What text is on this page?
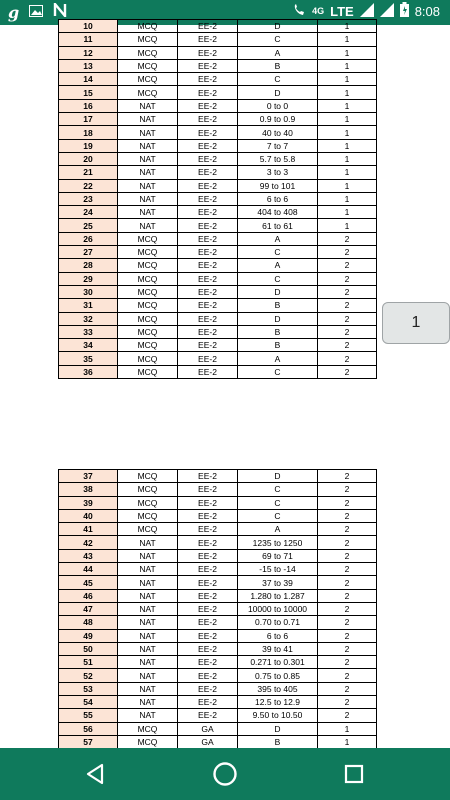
g	4G LTE	8:08
10	MCQ	EE-2	D	1
11	MCQ	EE-2	C	1
12	MCQ	EE-2	A	1
13	MCQ	EE-2	B	1
14	MCQ	EE-2	C	1
15	MCQ	EE-2	D	1
16	NAT	EE-2	0 to 0	1
17	NAT	EE-2	0.9 to 0.9	1
18	NAT	EE-2	40 to 40	1
19	NAT	EE-2	7 to 7	1
20	NAT	EE-2	5.7 to 5.8	1
21	NAT	EE-2	3 to 3	1
22	NAT	EE-2	99 to 101	1
23	NAT	EE-2	6 to 6	1
24	NAT	EE-2	404 to 408	1
25	NAT	EE-2	61 to 61	1
26	MCQ	EE-2	A	2
27	MCQ	EE-2	C	2
28	MCQ	EE-2	A	2
29	MCQ	EE-2	C	2
30	MCQ	EE-2	D	2
31	MCQ	EE-2	B	2
32	MCQ	EE-2	D	2
33	MCQ	EE-2	B	2
34	MCQ	EE-2	B	2
35	MCQ	EE-2	A	2
36	MCQ	EE-2	C	2
1
37	MCQ	EE-2	D	2
38	MCQ	EE-2	C	2
39	MCQ	EE-2	C	2
40	MCQ	EE-2	C	2
41	MCQ	EE-2	A	2
42	NAT	EE-2	1235 to 1250	2
43	NAT	EE-2	69 to 71	2
44	NAT	EE-2	-15 to -14	2
45	NAT	EE-2	37 to 39	2
46	NAT	EE-2	1.280 to 1.287	2
47	NAT	EE-2	10000 to 10000	2
48	NAT	EE-2	0.70 to 0.71	2
49	NAT	EE-2	6 to 6	2
50	NAT	EE-2	39 to 41	2
51	NAT	EE-2	0.271 to 0.301	2
52	NAT	EE-2	0.75 to 0.85	2
53	NAT	EE-2	395 to 405	2
54	NAT	EE-2	12.5 to 12.9	2
55	NAT	EE-2	9.50 to 10.50	2
56	MCQ	GA	D	1
57	MCQ	GA	B	1
